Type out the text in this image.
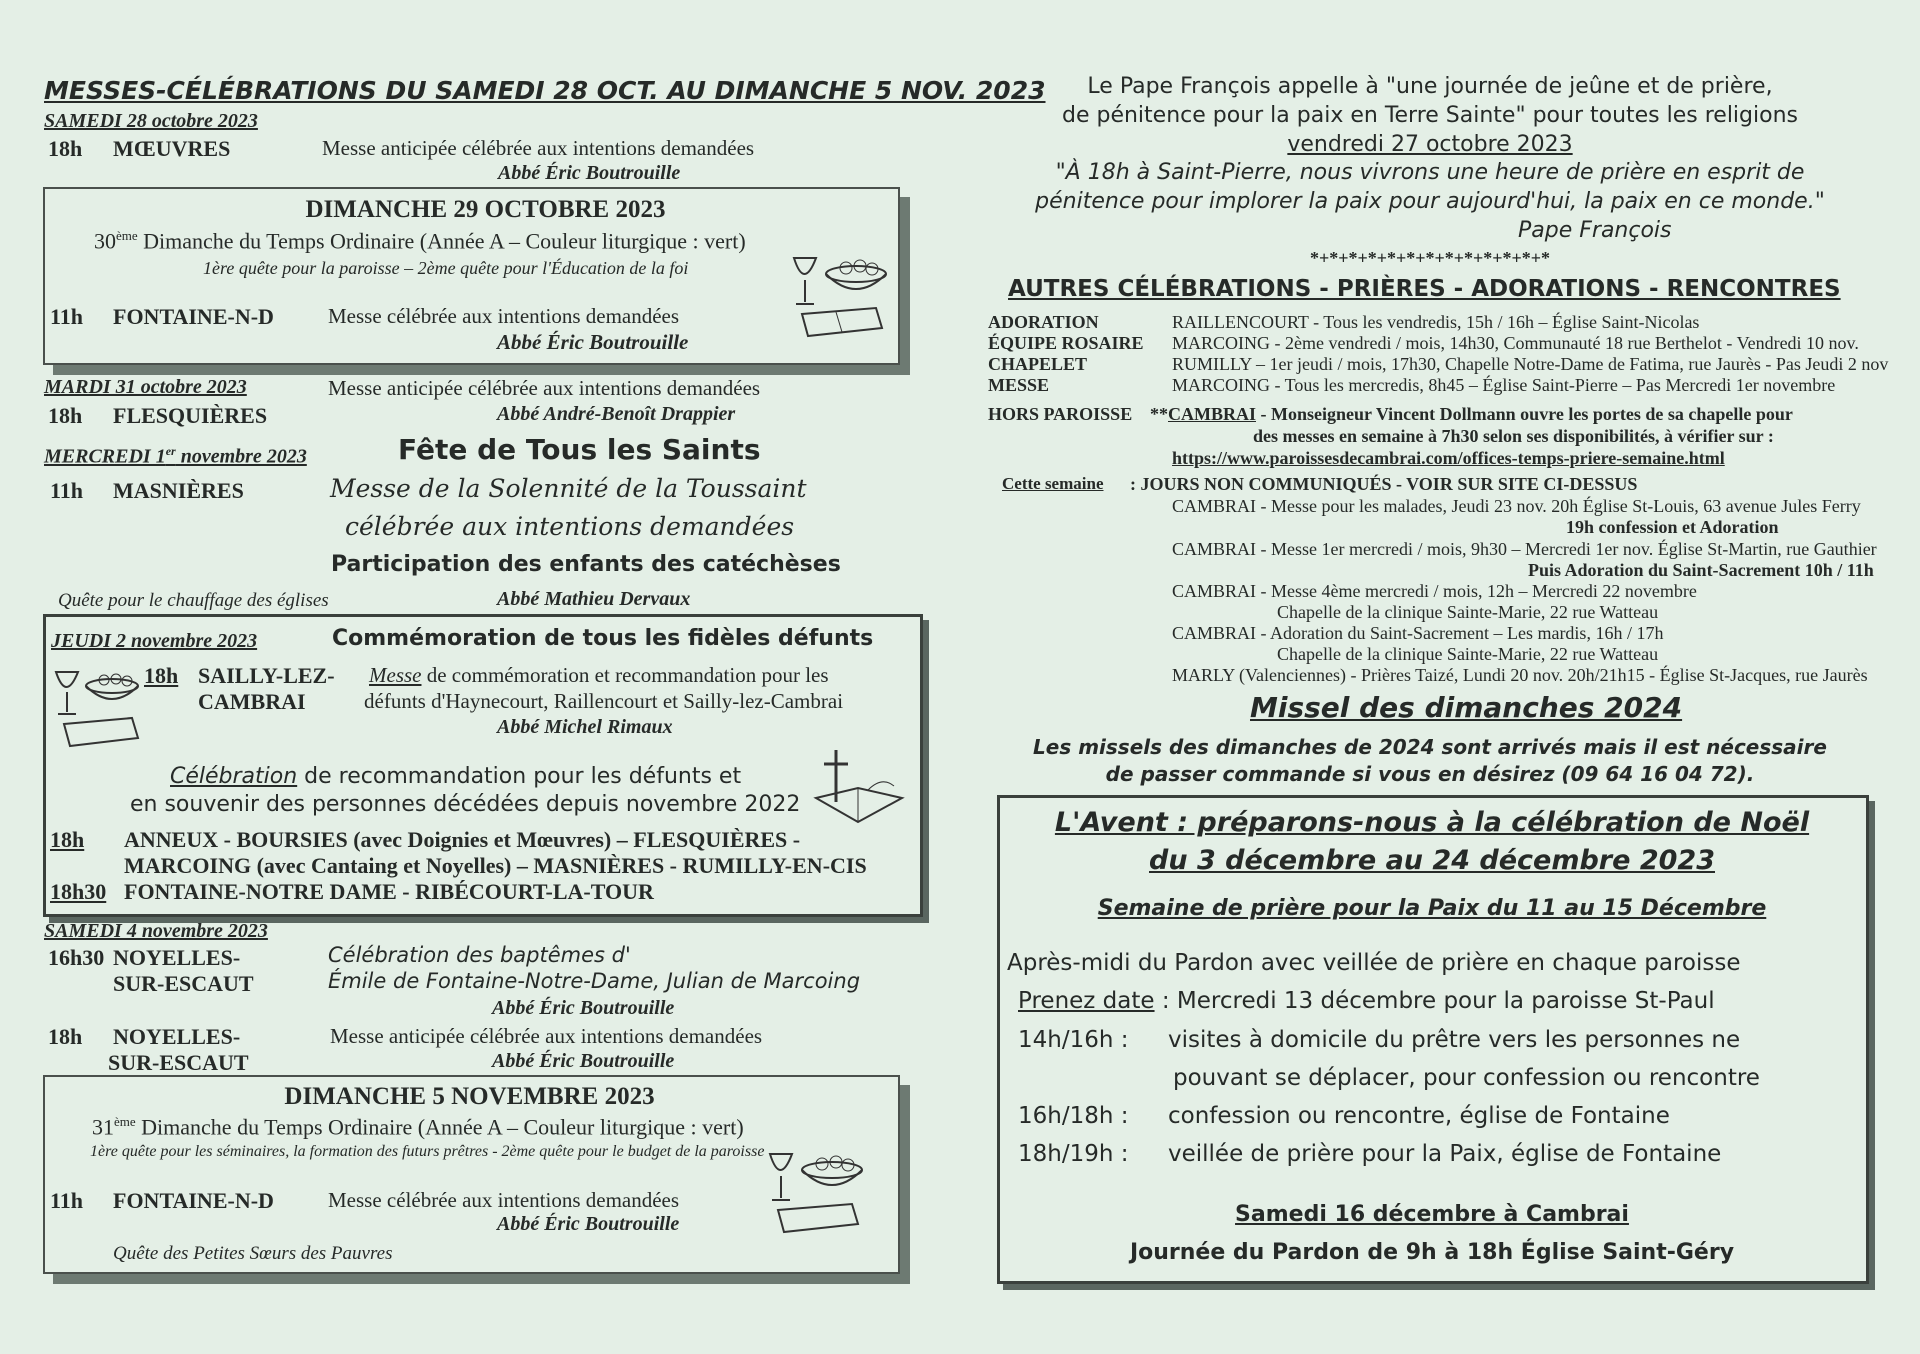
MESSES-CÉLÉBRATIONS DU SAMEDI 28 OCT. AU DIMANCHE 5 NOV. 2023
SAMEDI 28 octobre 2023
18h MŒUVRES	Messe anticipée célébrée aux intentions demandées
Abbé Éric Boutrouille
DIMANCHE 29 OCTOBRE 2023
30ème Dimanche du Temps Ordinaire (Année A – Couleur liturgique : vert)
1ère quête pour la paroisse – 2ème quête pour l'Éducation de la foi
11h FONTAINE-N-D	Messe célébrée aux intentions demandées
Abbé Éric Boutrouille
MARDI 31 octobre 2023	Messe anticipée célébrée aux intentions demandées
18h FLESQUIÈRES	Abbé André-Benoît Drappier
MERCREDI 1er novembre 2023	Fête de Tous les Saints
11h MASNIÈRES	Messe de la Solennité de la Toussaint
célébrée aux intentions demandées
Participation des enfants des catéchèses
Quête pour le chauffage des églises	Abbé Mathieu Dervaux
JEUDI 2 novembre 2023	Commémoration de tous les fidèles défunts
18h SAILLY-LEZ-
CAMBRAI
Messe de commémoration et recommandation pour les
défunts d'Haynecourt, Raillencourt et Sailly-lez-Cambrai
Abbé Michel Rimaux
Célébration de recommandation pour les défunts et
en souvenir des personnes décédées depuis novembre 2022
18h ANNEUX - BOURSIES (avec Doignies et Mœuvres) – FLESQUIÈRES -
MARCOING (avec Cantaing et Noyelles) – MASNIÈRES - RUMILLY-EN-CIS
18h30 FONTAINE-NOTRE DAME - RIBÉCOURT-LA-TOUR
SAMEDI 4 novembre 2023
16h30 NOYELLES-
SUR-ESCAUT
Célébration des baptêmes d'
Émile de Fontaine-Notre-Dame, Julian de Marcoing
Abbé Éric Boutrouille
18h NOYELLES-
SUR-ESCAUT
Messe anticipée célébrée aux intentions demandées
Abbé Éric Boutrouille
DIMANCHE 5 NOVEMBRE 2023
31ème Dimanche du Temps Ordinaire (Année A – Couleur liturgique : vert)
1ère quête pour les séminaires, la formation des futurs prêtres - 2ème quête pour le budget de la paroisse
11h FONTAINE-N-D	Messe célébrée aux intentions demandées
Abbé Éric Boutrouille
Quête des Petites Sœurs des Pauvres
Le Pape François appelle à "une journée de jeûne et de prière,
de pénitence pour la paix en Terre Sainte" pour toutes les religions
vendredi 27 octobre 2023
"À 18h à Saint-Pierre, nous vivrons une heure de prière en esprit de
pénitence pour implorer la paix pour aujourd'hui, la paix en ce monde."
Pape François
*+*+*+*+*+*+*+*+*+*+*+*+*
AUTRES CÉLÉBRATIONS - PRIÈRES - ADORATIONS - RENCONTRES
ADORATION	RAILLENCOURT - Tous les vendredis, 15h / 16h – Église Saint-Nicolas
ÉQUIPE ROSAIRE MARCOING - 2ème vendredi / mois, 14h30, Communauté 18 rue Berthelot - Vendredi 10 nov.
CHAPELET	RUMILLY – 1er jeudi / mois, 17h30, Chapelle Notre-Dame de Fatima, rue Jaurès - Pas Jeudi 2 nov
MESSE	MARCOING - Tous les mercredis, 8h45 – Église Saint-Pierre – Pas Mercredi 1er novembre
HORS PAROISSE **CAMBRAI - Monseigneur Vincent Dollmann ouvre les portes de sa chapelle pour
des messes en semaine à 7h30 selon ses disponibilités, à vérifier sur :
https://www.paroissesdecambrai.com/offices-temps-priere-semaine.html
Cette semaine : JOURS NON COMMUNIQUÉS - VOIR SUR SITE CI-DESSUS
CAMBRAI - Messe pour les malades, Jeudi 23 nov. 20h Église St-Louis, 63 avenue Jules Ferry
19h confession et Adoration
CAMBRAI - Messe 1er mercredi / mois, 9h30 – Mercredi 1er nov. Église St-Martin, rue Gauthier
Puis Adoration du Saint-Sacrement 10h / 11h
CAMBRAI - Messe 4ème mercredi / mois, 12h – Mercredi 22 novembre
Chapelle de la clinique Sainte-Marie, 22 rue Watteau
CAMBRAI - Adoration du Saint-Sacrement – Les mardis, 16h / 17h
Chapelle de la clinique Sainte-Marie, 22 rue Watteau
MARLY (Valenciennes) - Prières Taizé, Lundi 20 nov. 20h/21h15 - Église St-Jacques, rue Jaurès
Missel des dimanches 2024
Les missels des dimanches de 2024 sont arrivés mais il est nécessaire
de passer commande si vous en désirez (09 64 16 04 72).
L'Avent : préparons-nous à la célébration de Noël
du 3 décembre au 24 décembre 2023
Semaine de prière pour la Paix du 11 au 15 Décembre
Après-midi du Pardon avec veillée de prière en chaque paroisse
Prenez date : Mercredi 13 décembre pour la paroisse St-Paul
14h/16h : visites à domicile du prêtre vers les personnes ne
pouvant se déplacer, pour confession ou rencontre
16h/18h : confession ou rencontre, église de Fontaine
18h/19h : veillée de prière pour la Paix, église de Fontaine
Samedi 16 décembre à Cambrai
Journée du Pardon de 9h à 18h Église Saint-Géry
